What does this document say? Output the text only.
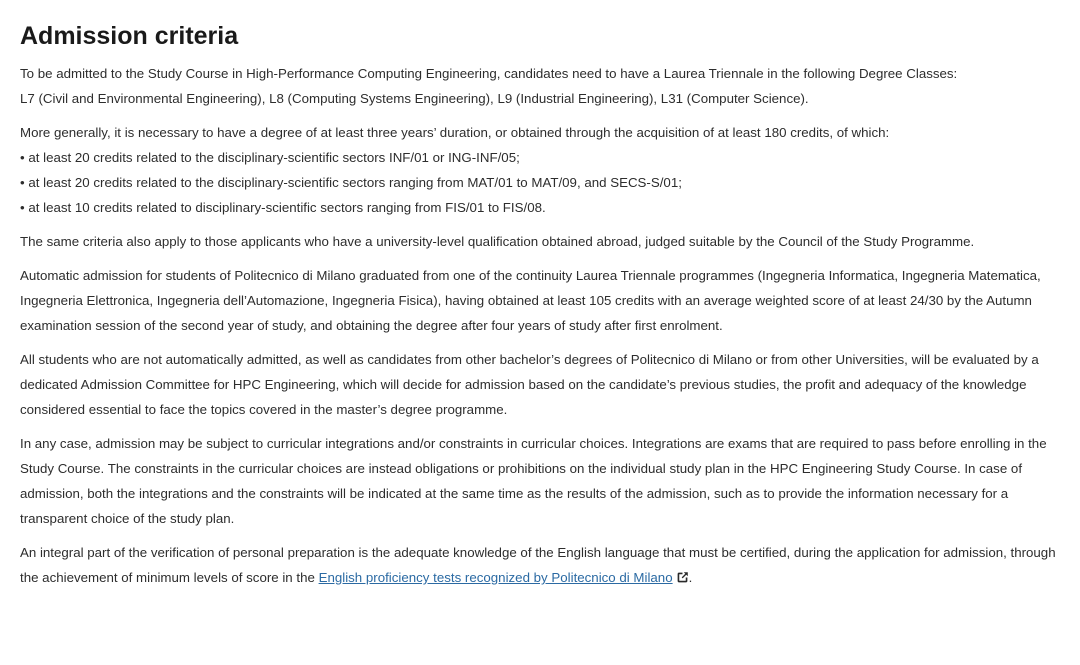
Admission criteria

To be admitted to the Study Course in High-Performance Computing Engineering, candidates need to have a Laurea Triennale in the following Degree Classes:
L7 (Civil and Environmental Engineering), L8 (Computing Systems Engineering), L9 (Industrial Engineering), L31 (Computer Science).

More generally, it is necessary to have a degree of at least three years’ duration, or obtained through the acquisition of at least 180 credits, of which:
• at least 20 credits related to the disciplinary-scientific sectors INF/01 or ING-INF/05;
• at least 20 credits related to the disciplinary-scientific sectors ranging from MAT/01 to MAT/09, and SECS-S/01;
• at least 10 credits related to disciplinary-scientific sectors ranging from FIS/01 to FIS/08.

The same criteria also apply to those applicants who have a university-level qualification obtained abroad, judged suitable by the Council of the Study Programme.

Automatic admission for students of Politecnico di Milano graduated from one of the continuity Laurea Triennale programmes (Ingegneria Informatica, Ingegneria Matematica, Ingegneria Elettronica, Ingegneria dell’Automazione, Ingegneria Fisica), having obtained at least 105 credits with an average weighted score of at least 24/30 by the Autumn examination session of the second year of study, and obtaining the degree after four years of study after first enrolment.

All students who are not automatically admitted, as well as candidates from other bachelor’s degrees of Politecnico di Milano or from other Universities, will be evaluated by a dedicated Admission Committee for HPC Engineering, which will decide for admission based on the candidate’s previous studies, the profit and adequacy of the knowledge considered essential to face the topics covered in the master’s degree programme.

In any case, admission may be subject to curricular integrations and/or constraints in curricular choices. Integrations are exams that are required to pass before enrolling in the Study Course. The constraints in the curricular choices are instead obligations or prohibitions on the individual study plan in the HPC Engineering Study Course. In case of admission, both the integrations and the constraints will be indicated at the same time as the results of the admission, such as to provide the information necessary for a transparent choice of the study plan.

An integral part of the verification of personal preparation is the adequate knowledge of the English language that must be certified, during the application for admission, through the achievement of minimum levels of score in the English proficiency tests recognized by Politecnico di Milano .
